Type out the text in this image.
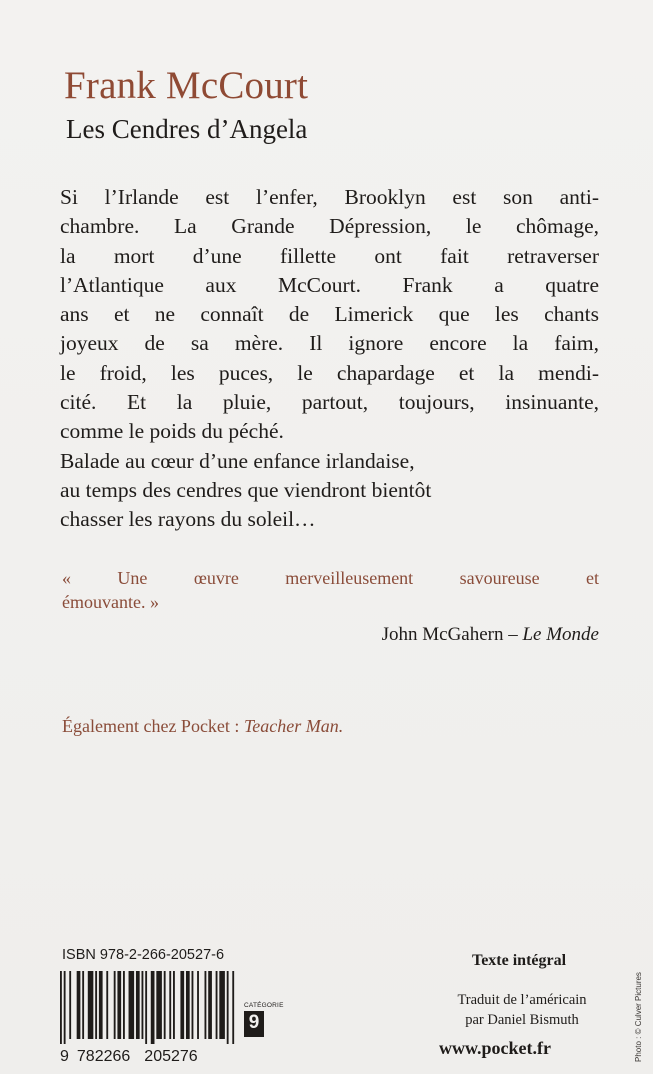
Frank McCourt
Les Cendres d’Angela
Si l’Irlande est l’enfer, Brooklyn est son anti-
chambre. La Grande Dépression, le chômage,
la mort d’une fillette ont fait retraverser
l’Atlantique aux McCourt. Frank a quatre
ans et ne connaît de Limerick que les chants
joyeux de sa mère. Il ignore encore la faim,
le froid, les puces, le chapardage et la mendi-
cité. Et la pluie, partout, toujours, insinuante,
comme le poids du péché.
Balade au cœur d’une enfance irlandaise,
au temps des cendres que viendront bientôt
chasser les rayons du soleil…
« Une œuvre merveilleusement savoureuse et
émouvante. »
John McGahern – Le Monde
Également chez Pocket : Teacher Man.
ISBN 978-2-266-20527-6
9 782266 205276
CATÉGORIE
9
Texte intégral
Traduit de l’américain
par Daniel Bismuth
www.pocket.fr	Photo : © Culver Pictures
